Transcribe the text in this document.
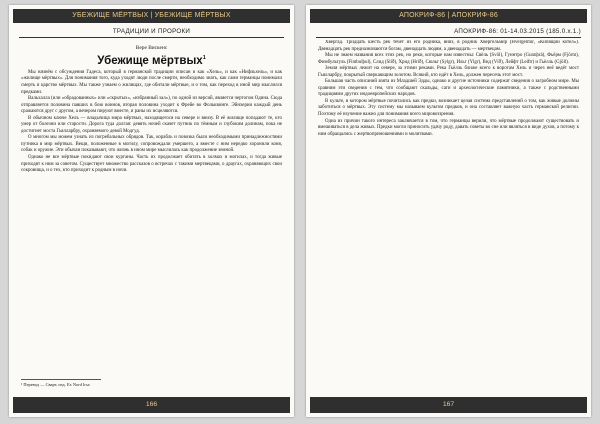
УБЕЖИЩЕ МЁРТВЫХ | УБЕЖИЩЕ МЁРТВЫХ
ТРАДИЦИИ И ПРОРОКИ
Вере Вискенс
Убежище мёртвых$^1$

Мы начнём с обсуждения Гадеса, который в германской традиции описан и как «Хель», и как «Нифльхель», и как «жилище мёртвых». Для понимания того, куда уходят люди после смерти, необходимо знать, как сами германцы понимали смерть и царство мёртвых. Мы также узнаем о жилищах, где обитали мёртвые, и о том, как переход в иной мир мыслился предками.

Вальхалла (или «обрадованных» или «скрытых», «избранный зал»), по одной из версий, является чертогом Одина. Сюда отправляется половина павших в бою воинов, вторая половина уходит к Фрейе во Фольквинге. Эйнхерии каждый день сражаются друг с другом, а вечером пируют вместе, и раны их исцеляются.

В обычном ключе Хель — владычица мира мёртвых, находящегося на севере и внизу. В её жилище попадают те, кто умер от болезни или старости. Дорога туда долгая: девять ночей скачет путник по тёмным и глубоким долинам, пока не достигнет моста Гьялларбру, охраняемого девой Модгуд.

О многом мы можем узнать из погребальных обрядов. Так, корабль и повозка были необходимыми принадлежностями путника в мир мёртвых. Вещи, положенные в могилу, сопровождали умершего, а вместе с ним нередко хоронили коня, собак и оружие. Эти обычаи показывают, что жизнь в ином мире мыслилась как продолжение земной.

Однако не все мёртвые покидают свои курганы. Часть их продолжает обитать в холмах и могилах, и тогда живые приходят к ним за советом. Существует множество рассказов о встречах с такими мертвецами, о драугах, охраняющих свои сокровища, и о тех, кто приходит к родным в ночи.

¹ Перевод — Сварт, изд. Ex Nord ​Irsa
166
АПОКРИФ-86 | АПОКРИФ-86
АПОКРИФ-86: 01-14.03.2015 (185.0.x.1.)

Хвергад. Тридцать шесть рек течет из его родника, вниз, в родник Хвергельмир (Hvergelmir, «Кипящий котёл»). Двенадцать рек предназначаются богам, двенадцать людям, а двенадцать — мертвецам.

Мы не знаем названия всех этих рек, но реки, которые нам известны: Свёль (Svöl), Гуннтро (Gunnþrá), Фьёрм (Fjörm), Фимбультуль (Fimbulþul), Слид (Slíð), Хрид (Hríð), Сюльг (Sylgr), Ильг (Ylgr), Вид (Víð), Лейфт (Leiftr) и Гьёлль (Gjöll).

Земля мёртвых лежит на севере, за этими реками. Река Гьёлль ближе всего к воротам Хель и через неё ведёт мост Гьялларбру, покрытый сверкающим золотом. Всякий, кто идёт в Хель, должен пересечь этот мост.

Большая часть описаний взята из Младшей Эдды, однако и другие источники содержат сведения о загробном мире. Мы сравним эти сведения с тем, что сообщают скальды, саги и археологические памятники, а также с родственными традициями других индоевропейских народов.

В культе, в котором мёртвые почитались как предки, возникает целая система представлений о том, как живые должны заботиться о мёртвых. Эту систему мы называем культом предков, и она составляет важную часть германской религии. Поэтому её изучение важно для понимания всего мировоззрения.

Одна из причин такого интереса заключается в том, что германцы верили, что мёртвые продолжают существовать и вмешиваться в дела живых. Предки могли приносить удачу роду, давать советы во сне или являться в виде духов, а потому к ним обращались с жертвоприношениями и молитвами.

167
